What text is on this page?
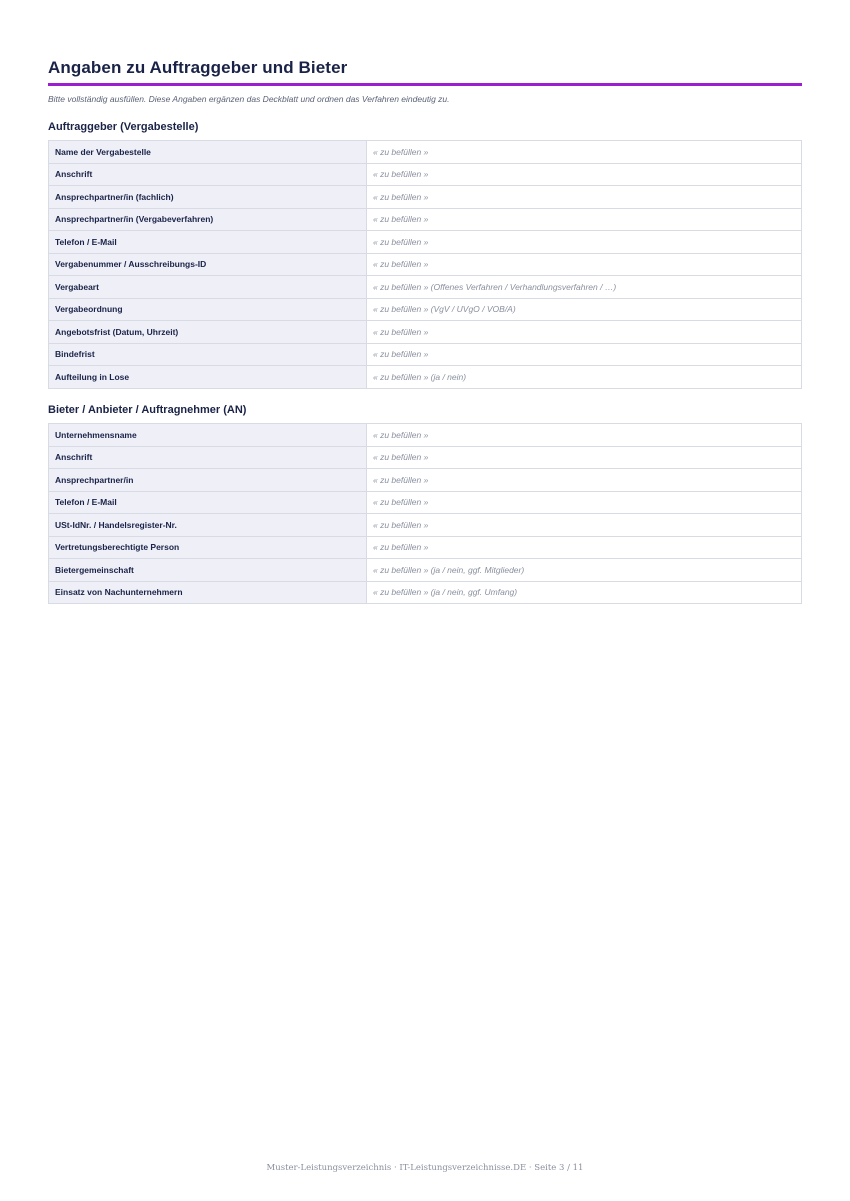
Angaben zu Auftraggeber und Bieter
Bitte vollständig ausfüllen. Diese Angaben ergänzen das Deckblatt und ordnen das Verfahren eindeutig zu.
Auftraggeber (Vergabestelle)
Name der Vergabestelle	« zu befüllen »
Anschrift	« zu befüllen »
Ansprechpartner/in (fachlich)	« zu befüllen »
Ansprechpartner/in (Vergabeverfahren)	« zu befüllen »
Telefon / E-Mail	« zu befüllen »
Vergabenummer / Ausschreibungs-ID	« zu befüllen »
Vergabeart	« zu befüllen » (Offenes Verfahren / Verhandlungsverfahren / …)
Vergabeordnung	« zu befüllen » (VgV / UVgO / VOB/A)
Angebotsfrist (Datum, Uhrzeit)	« zu befüllen »
Bindefrist	« zu befüllen »
Aufteilung in Lose	« zu befüllen » (ja / nein)
Bieter / Anbieter / Auftragnehmer (AN)
Unternehmensname	« zu befüllen »
Anschrift	« zu befüllen »
Ansprechpartner/in	« zu befüllen »
Telefon / E-Mail	« zu befüllen »
USt-IdNr. / Handelsregister-Nr.	« zu befüllen »
Vertretungsberechtigte Person	« zu befüllen »
Bietergemeinschaft	« zu befüllen » (ja / nein, ggf. Mitglieder)
Einsatz von Nachunternehmern	« zu befüllen » (ja / nein, ggf. Umfang)
Muster-Leistungsverzeichnis · IT-Leistungsverzeichnisse.DE · Seite 3 / 11
